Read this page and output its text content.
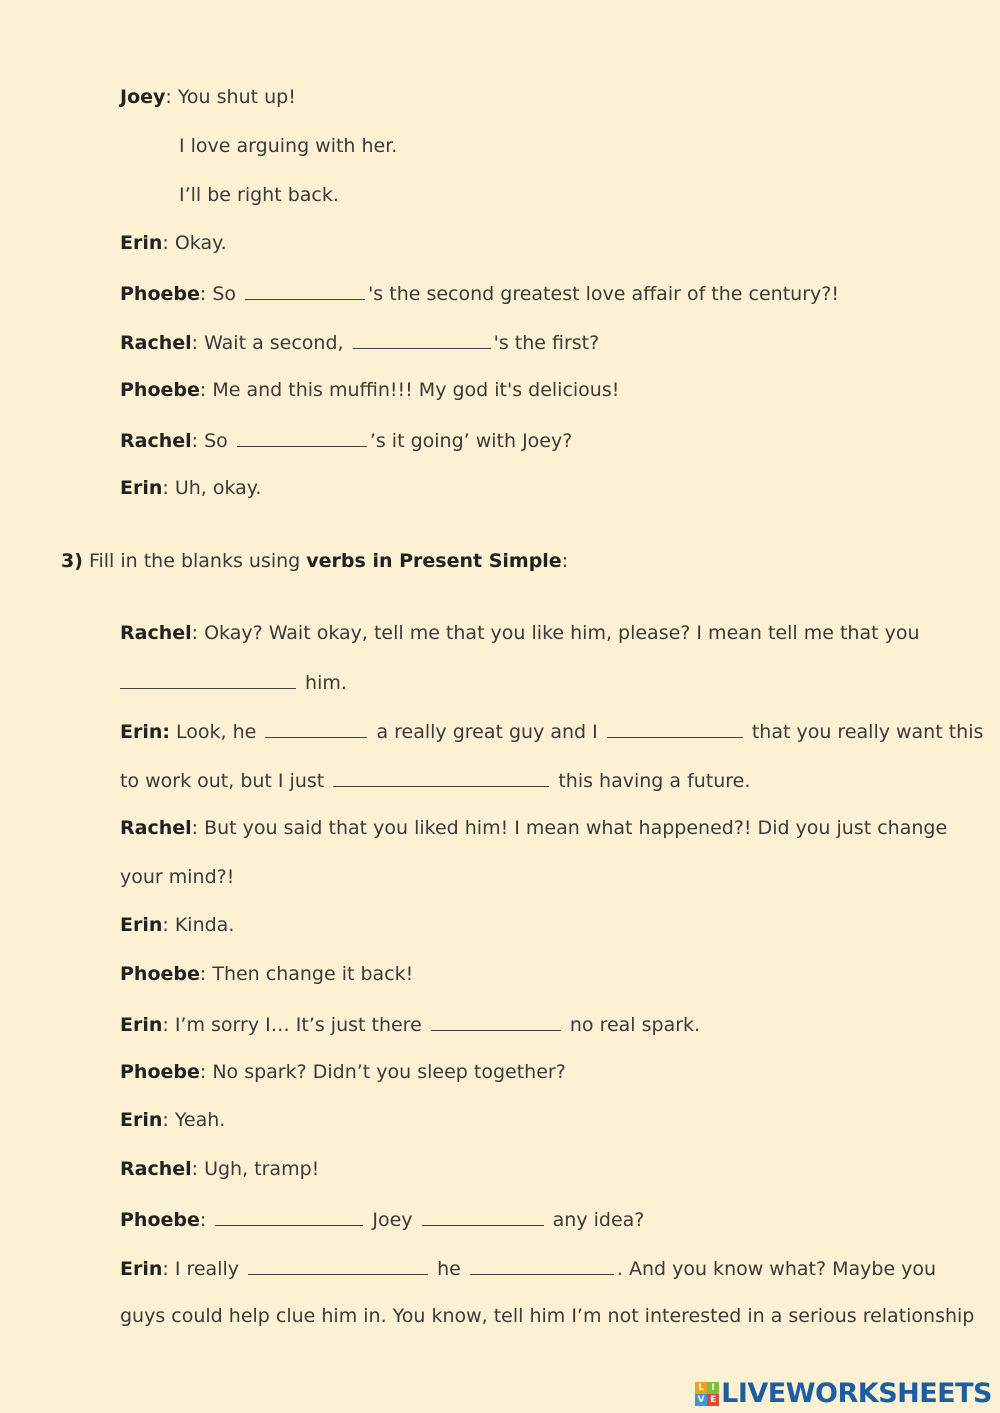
Joey: You shut up!
I love arguing with her.
I’ll be right back.
Erin: Okay.
Phoebe: So	's the second greatest love affair of the century?!
Rachel: Wait a second,	's the first?
Phoebe: Me and this muffin!!! My god it's delicious!
Rachel: So	’s it going’ with Joey?
Erin: Uh, okay.
3) Fill in the blanks using verbs in Present Simple:
Rachel: Okay? Wait okay, tell me that you like him, please? I mean tell me that you
him.
Erin: Look, he	a really great guy and I	that you really want this
to work out, but I just	this having a future.
Rachel: But you said that you liked him! I mean what happened?! Did you just change
your mind?!
Erin: Kinda.
Phoebe: Then change it back!
Erin: I’m sorry I… It’s just there	no real spark.
Phoebe: No spark? Didn’t you sleep together?
Erin: Yeah.
Rachel: Ugh, tramp!
Phoebe:	Joey	any idea?
Erin: I really	he	. And you know what? Maybe you
guys could help clue him in. You know, tell him I’m not interested in a serious relationship
L I
V E LIVEWORKSHEETS
